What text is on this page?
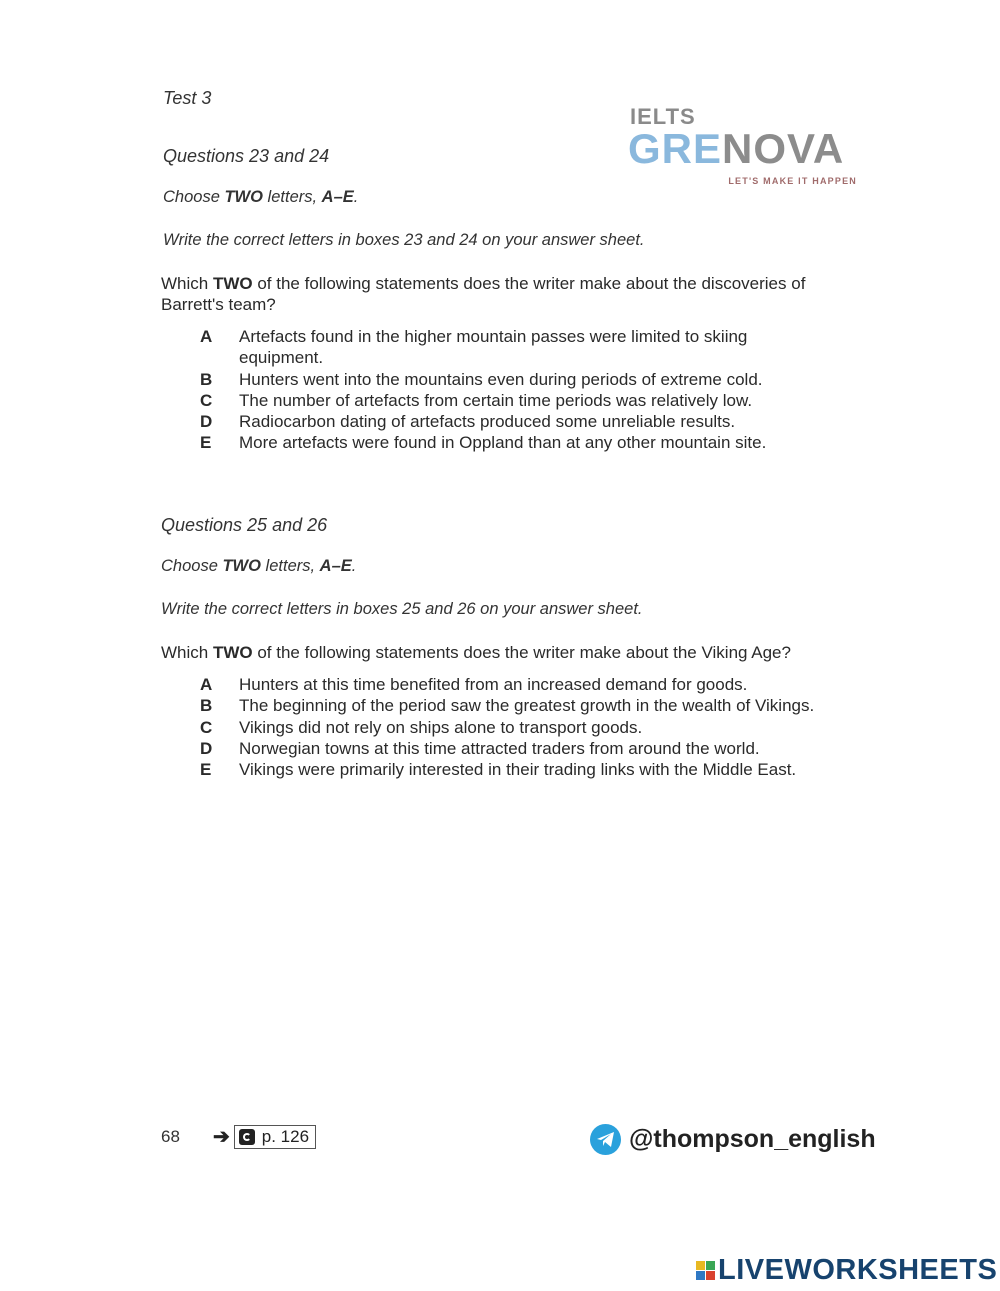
Test 3
IELTS
GRENOVA
LET'S MAKE IT HAPPEN
Questions 23 and 24
Choose TWO letters, A–E.
Write the correct letters in boxes 23 and 24 on your answer sheet.
Which TWO of the following statements does the writer make about the discoveries of Barrett's team?
A	Artefacts found in the higher mountain passes were limited to skiing equipment.
B	Hunters went into the mountains even during periods of extreme cold.
C	The number of artefacts from certain time periods was relatively low.
D	Radiocarbon dating of artefacts produced some unreliable results.
E	More artefacts were found in Oppland than at any other mountain site.
Questions 25 and 26
Choose TWO letters, A–E.
Write the correct letters in boxes 25 and 26 on your answer sheet.
Which TWO of the following statements does the writer make about the Viking Age?
A	Hunters at this time benefited from an increased demand for goods.
B	The beginning of the period saw the greatest growth in the wealth of Vikings.
C	Vikings did not rely on ships alone to transport goods.
D	Norwegian towns at this time attracted traders from around the world.
E	Vikings were primarily interested in their trading links with the Middle East.
68 ➔ p. 126	@thompson_english
LIVEWORKSHEETS
